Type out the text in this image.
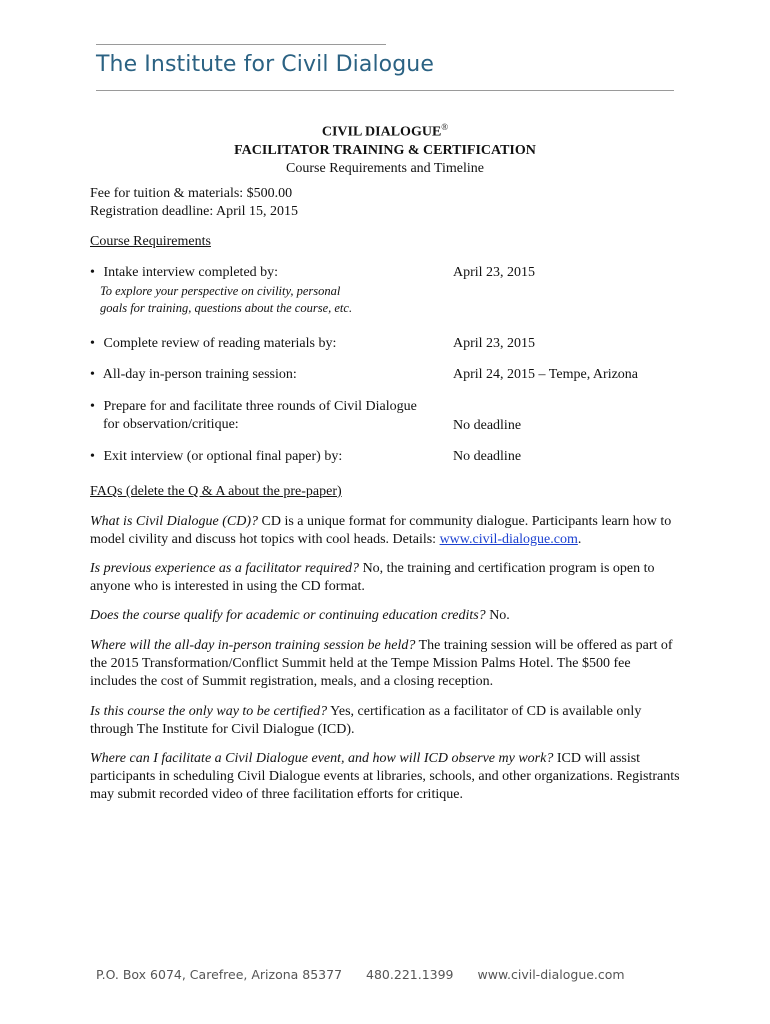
The Institute for Civil Dialogue
CIVIL DIALOGUE®
FACILITATOR TRAINING & CERTIFICATION
Course Requirements and Timeline
Fee for tuition & materials: $500.00
Registration deadline: April 15, 2015
Course Requirements
• Intake interview completed by:	April 23, 2015
To explore your perspective on civility, personal
goals for training, questions about the course, etc.
• Complete review of reading materials by:	April 23, 2015
• All-day in-person training session:	April 24, 2015 – Tempe, Arizona
• Prepare for and facilitate three rounds of Civil Dialogue
for observation/critique:	No deadline
• Exit interview (or optional final paper) by:	No deadline
FAQs (delete the Q & A about the pre-paper)
What is Civil Dialogue (CD)? CD is a unique format for community dialogue. Participants learn how to model civility and discuss hot topics with cool heads. Details: www.civil-dialogue.com.
Is previous experience as a facilitator required? No, the training and certification program is open to anyone who is interested in using the CD format.
Does the course qualify for academic or continuing education credits? No.
Where will the all-day in-person training session be held? The training session will be offered as part of the 2015 Transformation/Conflict Summit held at the Tempe Mission Palms Hotel. The $500 fee includes the cost of Summit registration, meals, and a closing reception.
Is this course the only way to be certified? Yes, certification as a facilitator of CD is available only through The Institute for Civil Dialogue (ICD).
Where can I facilitate a Civil Dialogue event, and how will ICD observe my work? ICD will assist participants in scheduling Civil Dialogue events at libraries, schools, and other organizations. Registrants may submit recorded video of three facilitation efforts for critique.
P.O. Box 6074, Carefree, Arizona 85377 480.221.1399 www.civil-dialogue.com
